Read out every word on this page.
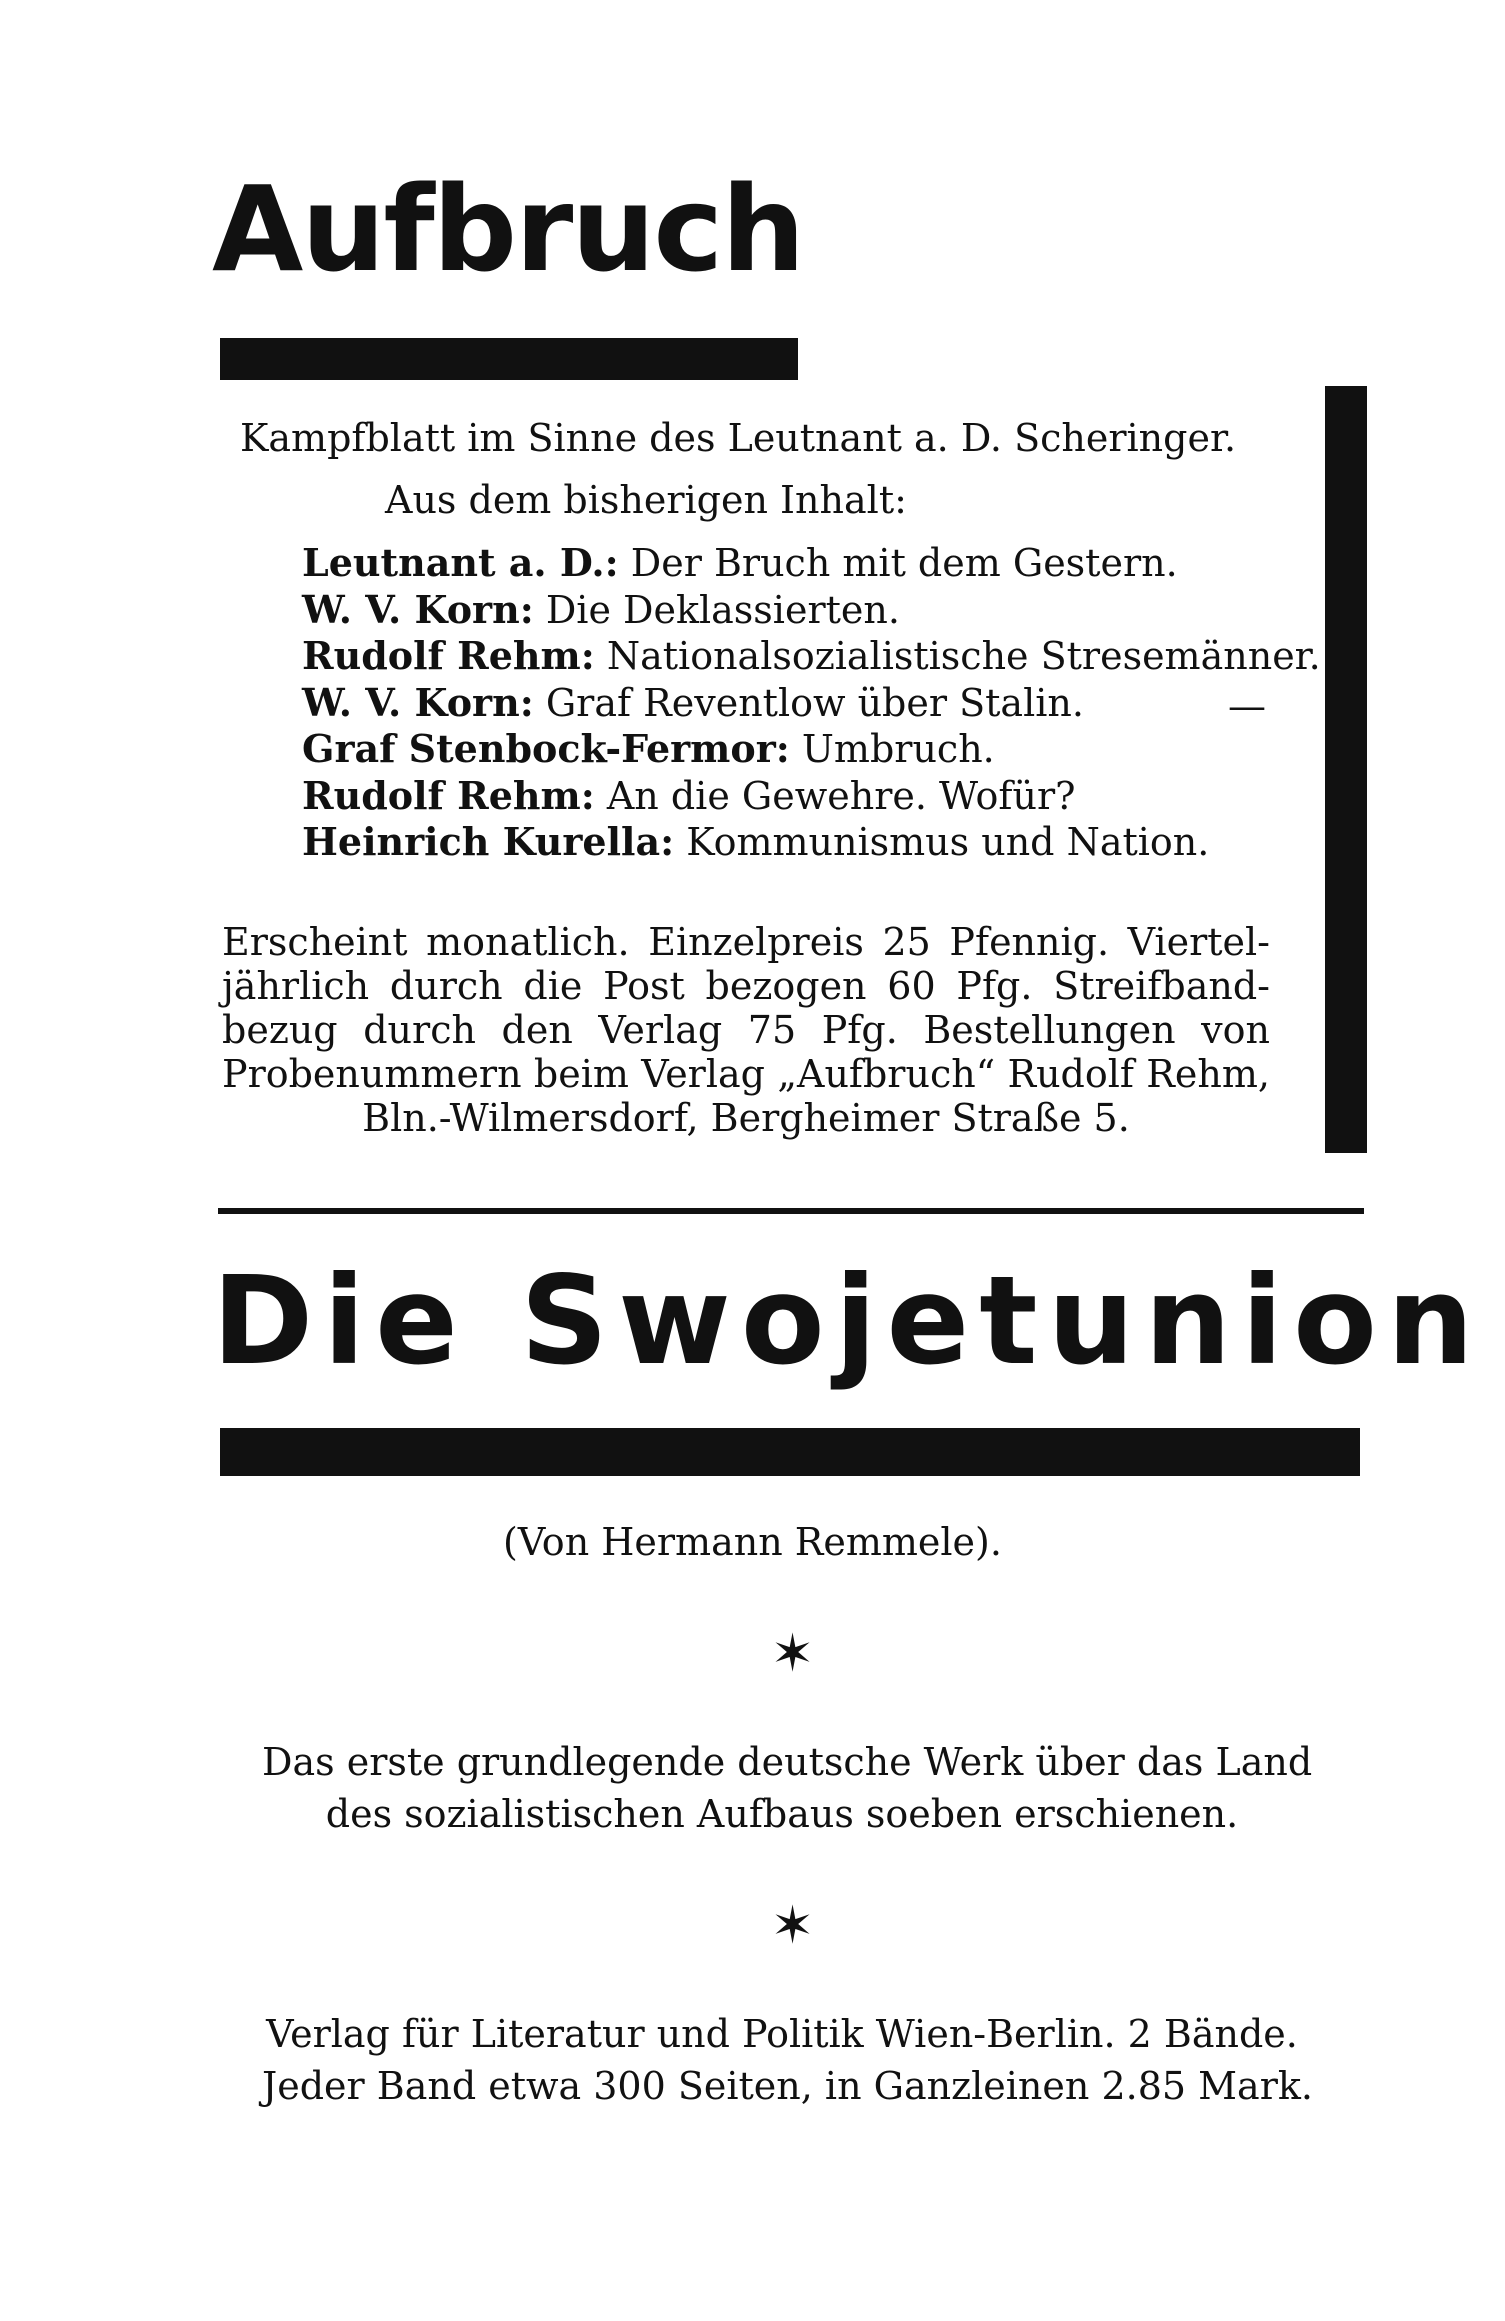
Aufbruch
Kampfblatt im Sinne des Leutnant a. D. Scheringer.
Aus dem bisherigen Inhalt:
Leutnant a. D.: Der Bruch mit dem Gestern.
W. V. Korn: Die Deklassierten.
Rudolf Rehm: Nationalsozialistische Stresemänner.
W. V. Korn: Graf Reventlow über Stalin.
Graf Stenbock-Fermor: Umbruch.
Rudolf Rehm: An die Gewehre. Wofür?
Heinrich Kurella: Kommunismus und Nation.
—
Erscheint monatlich. Einzelpreis 25 Pfennig. Viertel-
jährlich durch die Post bezogen 60 Pfg. Streifband-
bezug durch den Verlag 75 Pfg. Bestellungen von
Probenummern beim Verlag „Aufbruch“ Rudolf Rehm,
Bln.-Wilmersdorf, Bergheimer Straße 5.
Die Swojetunion
(Von Hermann Remmele).
✶
Das erste grundlegende deutsche Werk über das Land
des sozialistischen Aufbaus soeben erschienen.
✶
Verlag für Literatur und Politik Wien-Berlin. 2 Bände.
Jeder Band etwa 300 Seiten, in Ganzleinen 2.85 Mark.
